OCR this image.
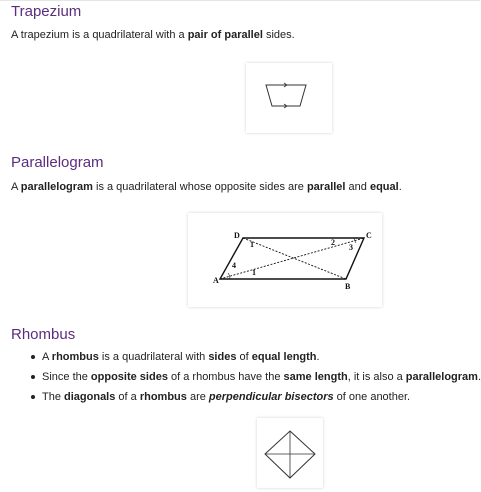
Trapezium

A trapezium is a quadrilateral with a pair of parallel sides.

Parallelogram

A parallelogram is a quadrilateral whose opposite sides are parallel and equal.

D	C
A
B
1
1
2
3
4
Rhombus
A rhombus is a quadrilateral with sides of equal length.
Since the opposite sides of a rhombus have the same length, it is also a parallelogram.
The diagonals of a rhombus are perpendicular bisectors of one another.
